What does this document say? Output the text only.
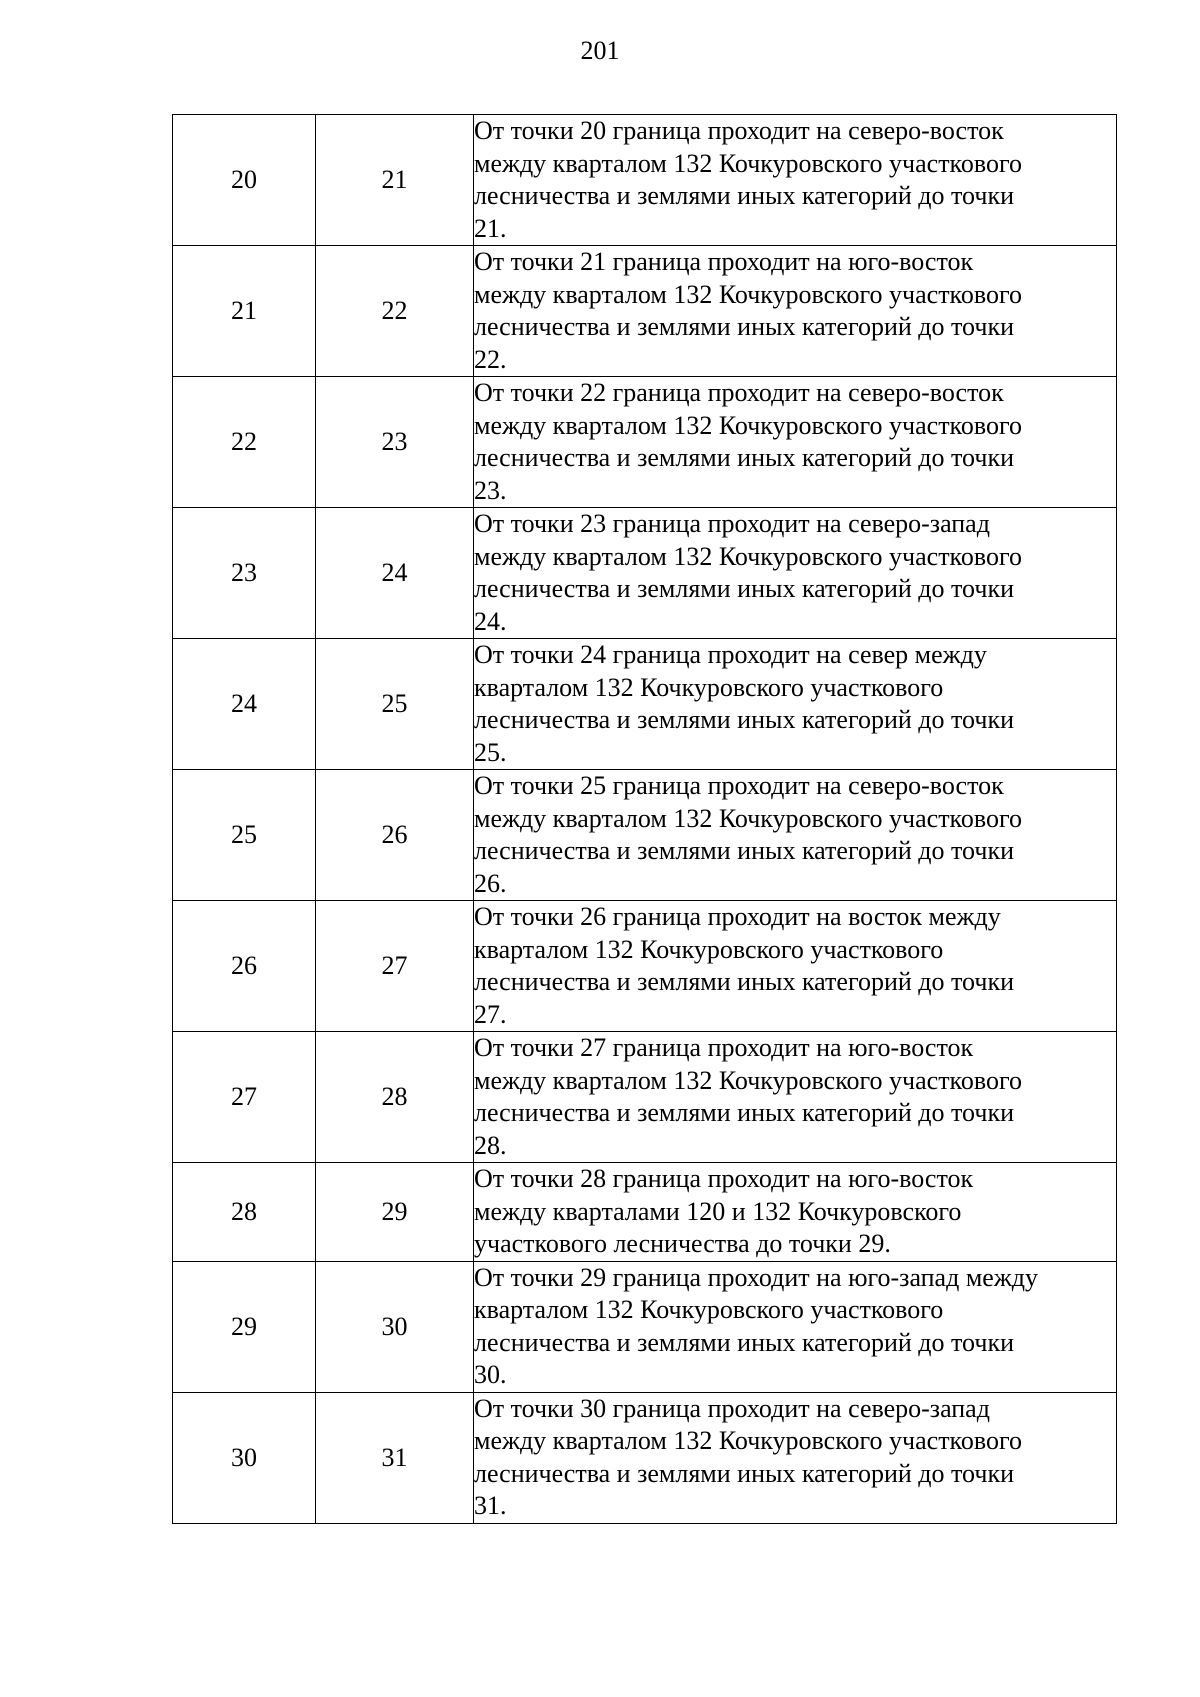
201
20	21	От точки 20 граница проходит на северо-восток
между кварталом 132 Кочкуровского участкового
лесничества и землями иных категорий до точки
21.

21	22	От точки 21 граница проходит на юго-восток
между кварталом 132 Кочкуровского участкового
лесничества и землями иных категорий до точки
22.

22	23	От точки 22 граница проходит на северо-восток
между кварталом 132 Кочкуровского участкового
лесничества и землями иных категорий до точки
23.

23	24	От точки 23 граница проходит на северо-запад
между кварталом 132 Кочкуровского участкового
лесничества и землями иных категорий до точки
24.

24	25	От точки 24 граница проходит на север между
кварталом 132 Кочкуровского участкового
лесничества и землями иных категорий до точки
25.

25	26	От точки 25 граница проходит на северо-восток
между кварталом 132 Кочкуровского участкового
лесничества и землями иных категорий до точки
26.

26	27	От точки 26 граница проходит на восток между
кварталом 132 Кочкуровского участкового
лесничества и землями иных категорий до точки
27.

27	28	От точки 27 граница проходит на юго-восток
между кварталом 132 Кочкуровского участкового
лесничества и землями иных категорий до точки
28.

28	29	От точки 28 граница проходит на юго-восток
между кварталами 120 и 132 Кочкуровского
участкового лесничества до точки 29.

29	30	От точки 29 граница проходит на юго-запад между
кварталом 132 Кочкуровского участкового
лесничества и землями иных категорий до точки
30.

30	31	От точки 30 граница проходит на северо-запад
между кварталом 132 Кочкуровского участкового
лесничества и землями иных категорий до точки
31.
